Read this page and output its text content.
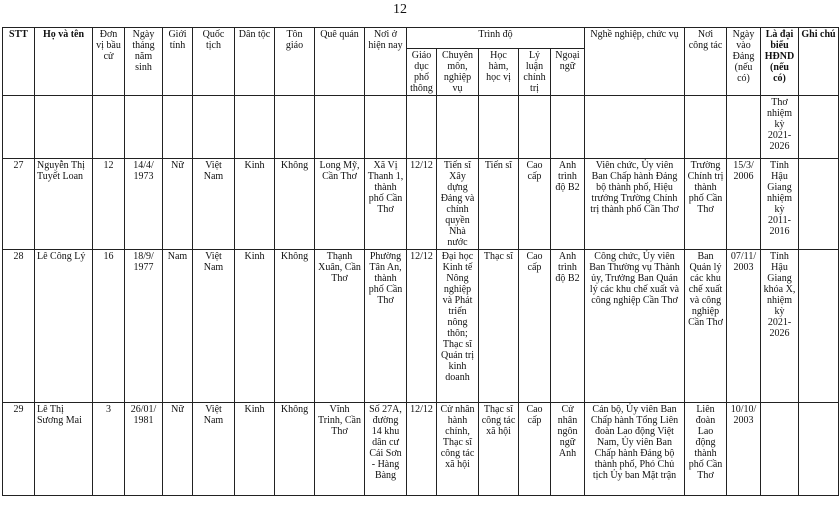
12
STT	Họ và tên	Đơn vị bầu cử	Ngày tháng năm sinh	Giới tính	Quốc tịch	Dân tộc	Tôn giáo	Quê quán	Nơi ở hiện nay	Trình độ					Nghề nghiệp, chức vụ	Nơi công tác	Ngày vào Đảng (nếu có)	Là đại biểu HĐND (nếu có)	Ghi chú
										Giáo dục phổ thông	Chuyên môn, nghiệp vụ	Học hàm, học vị	Lý luận chính trị	Ngoại ngữ					
																		Thơ nhiệm kỳ 2021-2026	
27	Nguyễn Thị Tuyết Loan	12	14/4/ 1973	Nữ	Việt Nam	Kinh	Không	Long Mỹ, Cần Thơ	Xã Vị Thanh 1, thành phố Cần Thơ	12/12	Tiến sĩ Xây dựng Đảng và chính quyền Nhà nước	Tiến sĩ	Cao cấp	Anh trình độ B2	Viên chức, Ủy viên Ban Chấp hành Đảng bộ thành phố, Hiệu trưởng Trường Chính trị thành phố Cần Thơ	Trường Chính trị thành phố Cần Thơ	15/3/ 2006	Tỉnh Hậu Giang nhiệm kỳ 2011- 2016	
28	Lê Công Lý	16	18/9/ 1977	Nam	Việt Nam	Kinh	Không	Thạnh Xuân, Cần Thơ	Phường Tân An, thành phố Cần Thơ	12/12	Đại học Kinh tế Nông nghiệp và Phát triển nông thôn; Thạc sĩ Quản trị kinh doanh	Thạc sĩ	Cao cấp	Anh trình độ B2	Công chức, Ủy viên Ban Thường vụ Thành ủy, Trưởng Ban Quản lý các khu chế xuất và công nghiệp Cần Thơ	Ban Quản lý các khu chế xuất và công nghiệp Cần Thơ	07/11/ 2003	Tỉnh Hậu Giang khóa X, nhiệm kỳ 2021- 2026	
29	Lê Thị Sương Mai	3	26/01/ 1981	Nữ	Việt Nam	Kinh	Không	Vĩnh Trinh, Cần Thơ	Số 27A, đường 14 khu dân cư Cái Sơn - Hàng Bàng	12/12	Cử nhân hành chính, Thạc sĩ công tác xã hội	Thạc sĩ công tác xã hội	Cao cấp	Cử nhân ngôn ngữ Anh	Cán bộ, Ủy viên Ban Chấp hành Tổng Liên đoàn Lao động Việt Nam, Ủy viên Ban Chấp hành Đảng bộ thành phố, Phó Chủ tịch Ủy ban Mặt trận	Liên đoàn Lao động thành phố Cần Thơ	10/10/ 2003		
